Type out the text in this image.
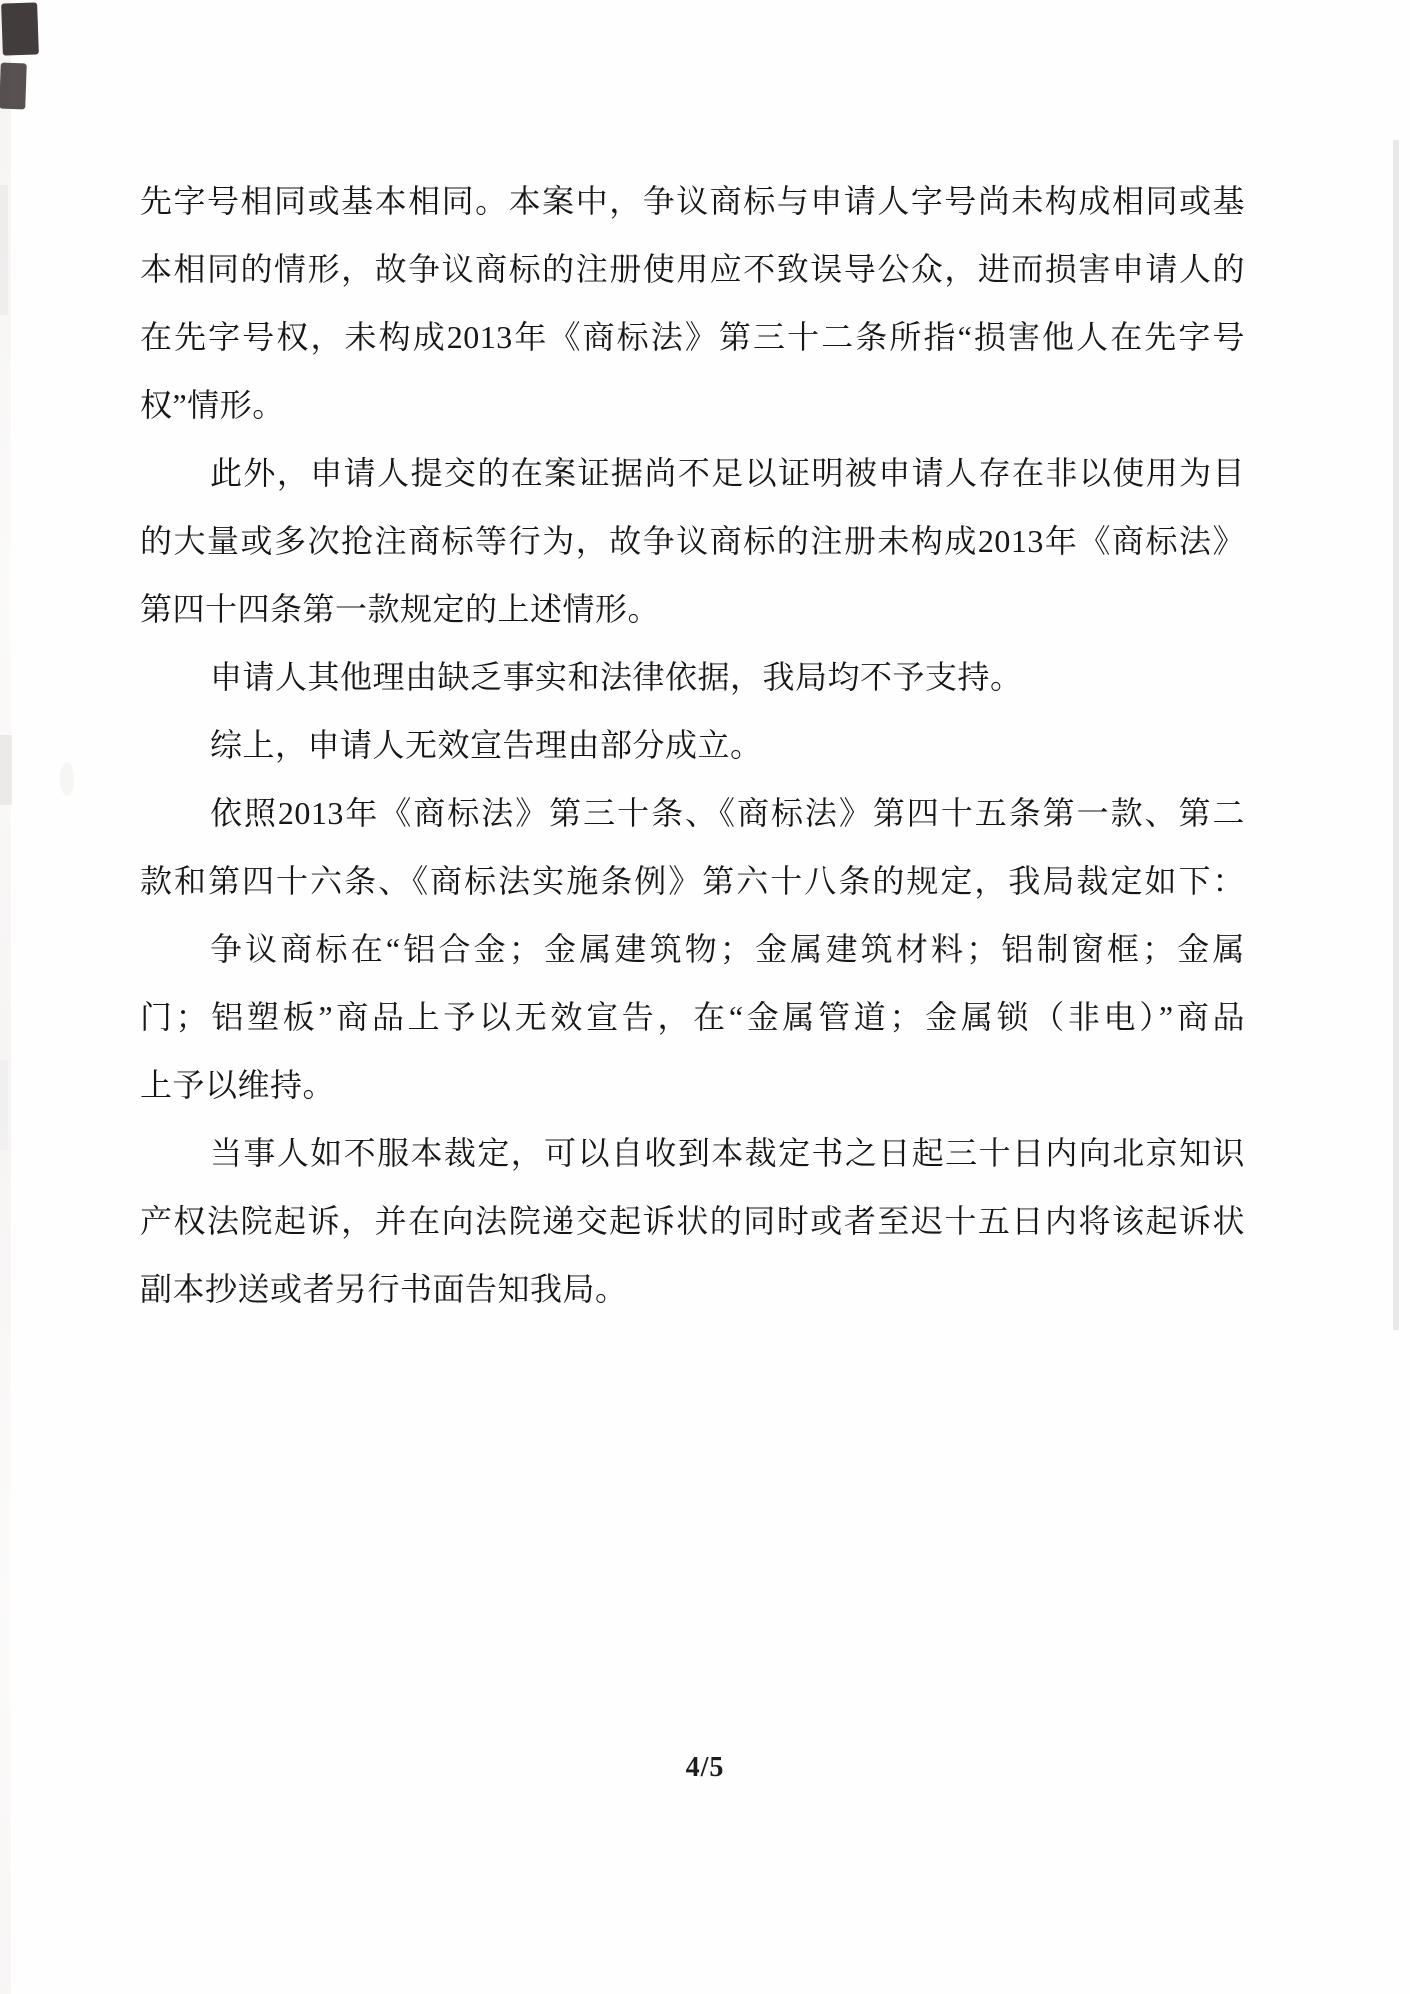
先字号相同或基本相同。本案中，争议商标与申请人字号尚未构成相同或基
本相同的情形，故争议商标的注册使用应不致误导公众，进而损害申请人的
在先字号权，未构成2013年《商标法》第三十二条所指“损害他人在先字号
权”情形。
此外，申请人提交的在案证据尚不足以证明被申请人存在非以使用为目
的大量或多次抢注商标等行为，故争议商标的注册未构成2013年《商标法》
第四十四条第一款规定的上述情形。
申请人其他理由缺乏事实和法律依据，我局均不予支持。
综上，申请人无效宣告理由部分成立。
依照2013年《商标法》第三十条、《商标法》第四十五条第一款、第二
款和第四十六条、《商标法实施条例》第六十八条的规定，我局裁定如下：
争议商标在“铝合金；金属建筑物；金属建筑材料；铝制窗框；金属
门；铝塑板”商品上予以无效宣告，在“金属管道；金属锁（非电）”商品
上予以维持。
当事人如不服本裁定，可以自收到本裁定书之日起三十日内向北京知识
产权法院起诉，并在向法院递交起诉状的同时或者至迟十五日内将该起诉状
副本抄送或者另行书面告知我局。
4/5
